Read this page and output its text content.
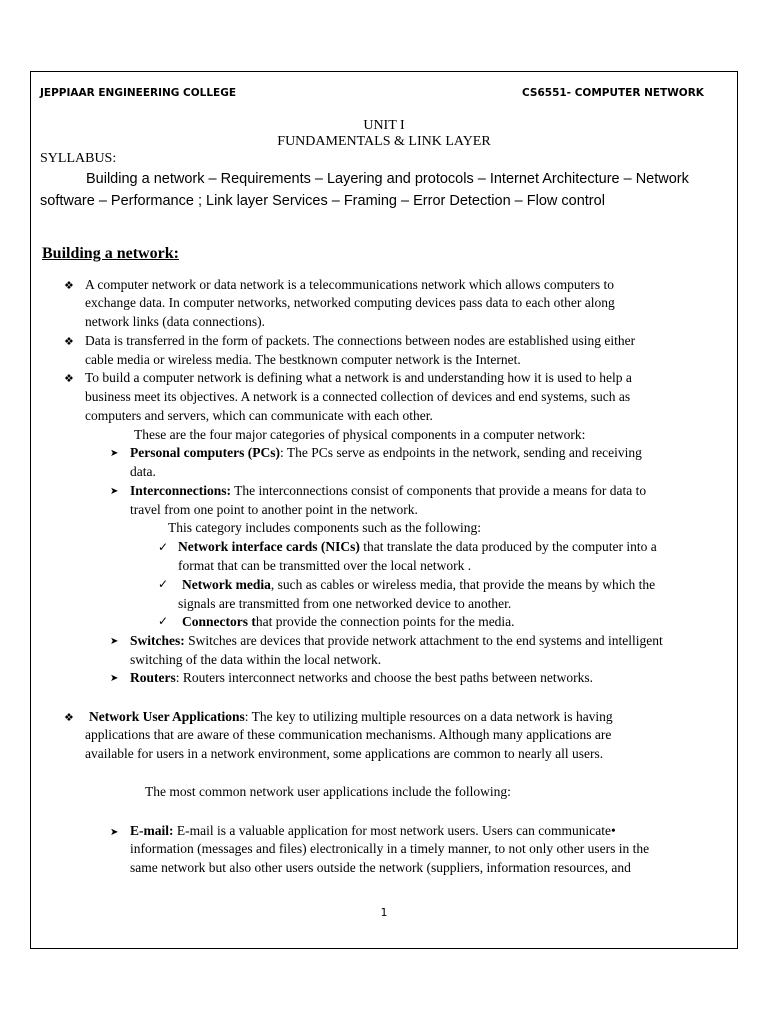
JEPPIAAR ENGINEERING COLLEGE	CS6551- COMPUTER NETWORK
UNIT I
FUNDAMENTALS & LINK LAYER
SYLLABUS:
Building a network – Requirements – Layering and protocols – Internet Architecture – Network
software – Performance ; Link layer Services – Framing – Error Detection – Flow control
Building a network:
❖ A computer network or data network is a telecommunications network which allows computers to
exchange data. In computer networks, networked computing devices pass data to each other along
network links (data connections).
❖ Data is transferred in the form of packets. The connections between nodes are established using either
cable media or wireless media. The bestknown computer network is the Internet.
❖ To build a computer network is defining what a network is and understanding how it is used to help a
business meet its objectives. A network is a connected collection of devices and end systems, such as
computers and servers, which can communicate with each other.
These are the four major categories of physical components in a computer network:
➤ Personal computers (PCs): The PCs serve as endpoints in the network, sending and receiving
data.
➤ Interconnections: The interconnections consist of components that provide a means for data to
travel from one point to another point in the network.
This category includes components such as the following:
✓ Network interface cards (NICs) that translate the data produced by the computer into a
format that can be transmitted over the local network .
✓ Network media, such as cables or wireless media, that provide the means by which the
signals are transmitted from one networked device to another.
✓ Connectors that provide the connection points for the media.
➤ Switches: Switches are devices that provide network attachment to the end systems and intelligent
switching of the data within the local network.
➤ Routers: Routers interconnect networks and choose the best paths between networks.
❖ Network User Applications: The key to utilizing multiple resources on a data network is having
applications that are aware of these communication mechanisms. Although many applications are
available for users in a network environment, some applications are common to nearly all users.
The most common network user applications include the following:
➤ E-mail: E-mail is a valuable application for most network users. Users can communicate•
information (messages and files) electronically in a timely manner, to not only other users in the
same network but also other users outside the network (suppliers, information resources, and
1
